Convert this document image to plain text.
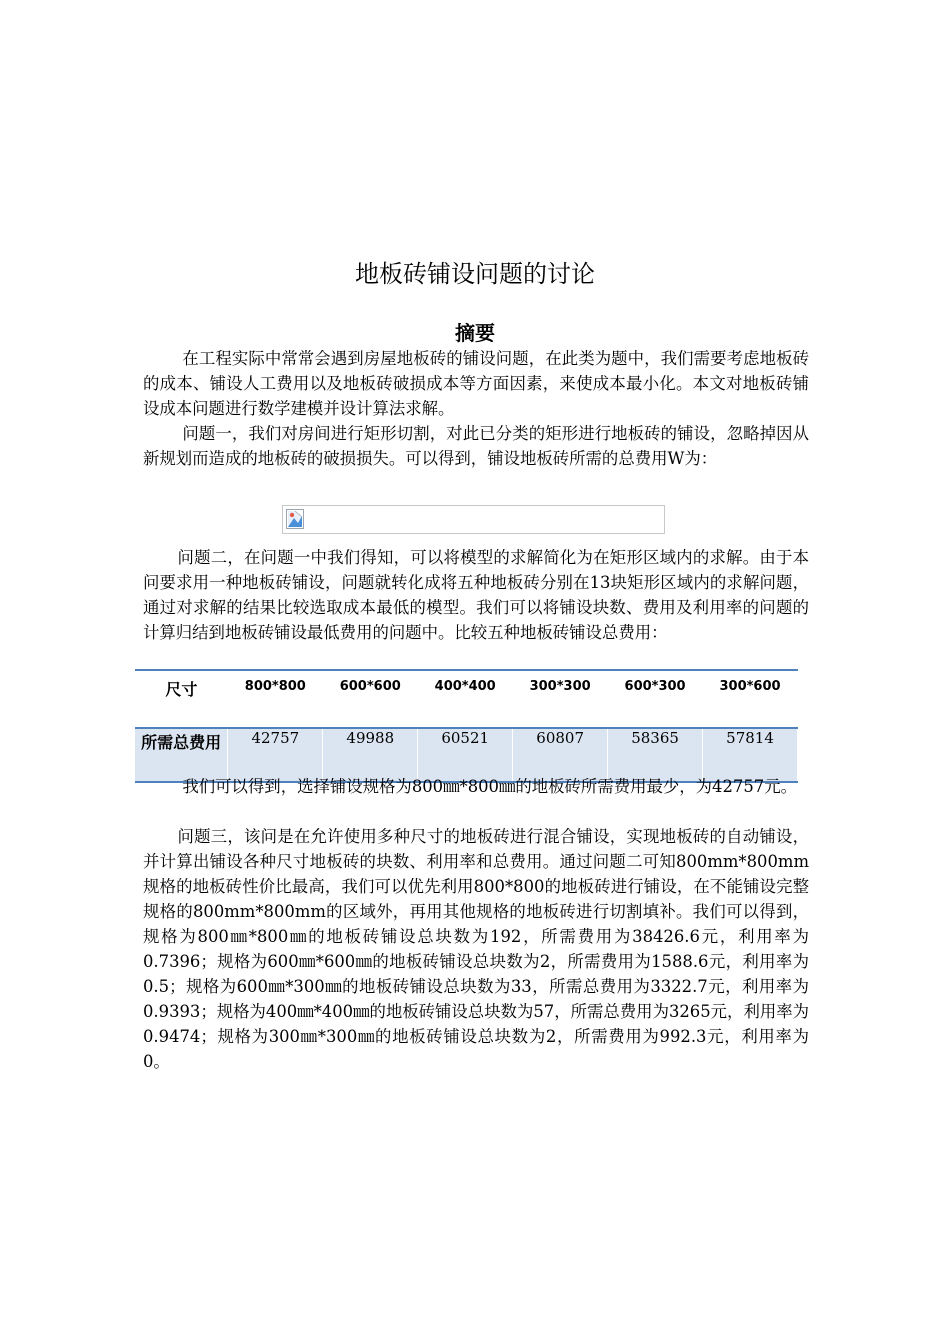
地板砖铺设问题的讨论
摘要

在工程实际中常常会遇到房屋地板砖的铺设问题，在此类为题中，我们需要考虑地板砖的成本、铺设人工费用以及地板砖破损成本等方面因素，来使成本最小化。本文对地板砖铺设成本问题进行数学建模并设计算法求解。

问题一，我们对房间进行矩形切割，对此已分类的矩形进行地板砖的铺设，忽略掉因从新规划而造成的地板砖的破损损失。可以得到，铺设地板砖所需的总费用W为：

问题二，在问题一中我们得知，可以将模型的求解简化为在矩形区域内的求解。由于本问要求用一种地板砖铺设，问题就转化成将五种地板砖分别在13块矩形区域内的求解问题，通过对求解的结果比较选取成本最低的模型。我们可以将铺设块数、费用及利用率的问题的计算归结到地板砖铺设最低费用的问题中。比较五种地板砖铺设总费用：

尺寸	800*800	600*600	400*400	300*300	600*300	300*600
所需总费用	42757	49988	60521	60807	58365	57814

我们可以得到，选择铺设规格为800㎜*800㎜的地板砖所需费用最少，为42757元。

问题三，该问是在允许使用多种尺寸的地板砖进行混合铺设，实现地板砖的自动铺设，并计算出铺设各种尺寸地板砖的块数、利用率和总费用。通过问题二可知800mm*800mm规格的地板砖性价比最高，我们可以优先利用800*800的地板砖进行铺设，在不能铺设完整规格的800mm*800mm的区域外，再用其他规格的地板砖进行切割填补。我们可以得到，规格为800㎜*800㎜的地板砖铺设总块数为192，所需费用为38426.6元，利用率为0.7396；规格为600㎜*600㎜的地板砖铺设总块数为2，所需费用为1588.6元，利用率为0.5；规格为600㎜*300㎜的地板砖铺设总块数为33，所需总费用为3322.7元，利用率为0.9393；规格为400㎜*400㎜的地板砖铺设总块数为57，所需总费用为3265元，利用率为0.9474；规格为300㎜*300㎜的地板砖铺设总块数为2，所需费用为992.3元，利用率为0。
